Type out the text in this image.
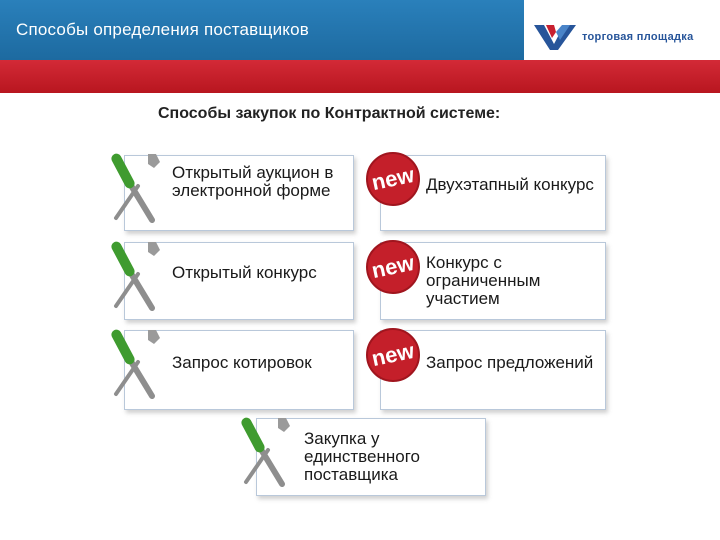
Способы определения поставщиков	торговая площадка
Способы закупок по Контрактной системе:
Открытый аукцион в электронной форме	new Двухэтапный конкурс
Открытый конкурс	new Конкурс с ограниченным участием
Запрос котировок	new Запрос предложений
Закупка у единственного поставщика
